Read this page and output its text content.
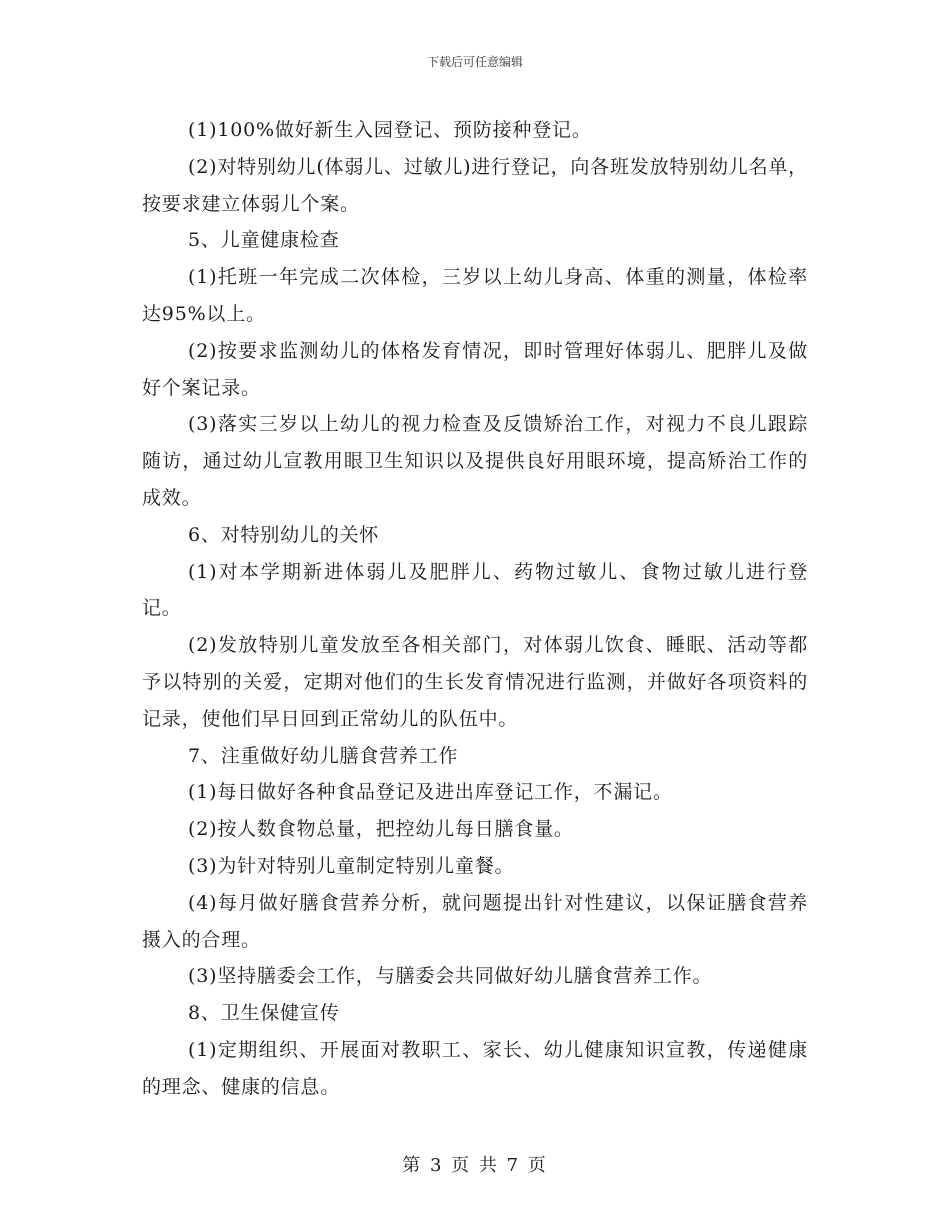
下载后可任意编辑

(1)100%做好新生入园登记、预防接种登记。

(2)对特别幼儿(体弱儿、过敏儿)进行登记，向各班发放特别幼儿名单，按要求建立体弱儿个案。

5、儿童健康检查

(1)托班一年完成二次体检，三岁以上幼儿身高、体重的测量，体检率达95%以上。

(2)按要求监测幼儿的体格发育情况，即时管理好体弱儿、肥胖儿及做好个案记录。

(3)落实三岁以上幼儿的视力检查及反馈矫治工作，对视力不良儿跟踪随访，通过幼儿宣教用眼卫生知识以及提供良好用眼环境，提高矫治工作的成效。

6、对特别幼儿的关怀

(1)对本学期新进体弱儿及肥胖儿、药物过敏儿、食物过敏儿进行登记。

(2)发放特别儿童发放至各相关部门，对体弱儿饮食、睡眠、活动等都予以特别的关爱，定期对他们的生长发育情况进行监测，并做好各项资料的记录，使他们早日回到正常幼儿的队伍中。

7、注重做好幼儿膳食营养工作

(1)每日做好各种食品登记及进出库登记工作，不漏记。

(2)按人数食物总量，把控幼儿每日膳食量。

(3)为针对特别儿童制定特别儿童餐。

(4)每月做好膳食营养分析，就问题提出针对性建议，以保证膳食营养摄入的合理。

(3)坚持膳委会工作，与膳委会共同做好幼儿膳食营养工作。

8、卫生保健宣传

(1)定期组织、开展面对教职工、家长、幼儿健康知识宣教，传递健康的理念、健康的信息。

第 3 页 共 7 页
